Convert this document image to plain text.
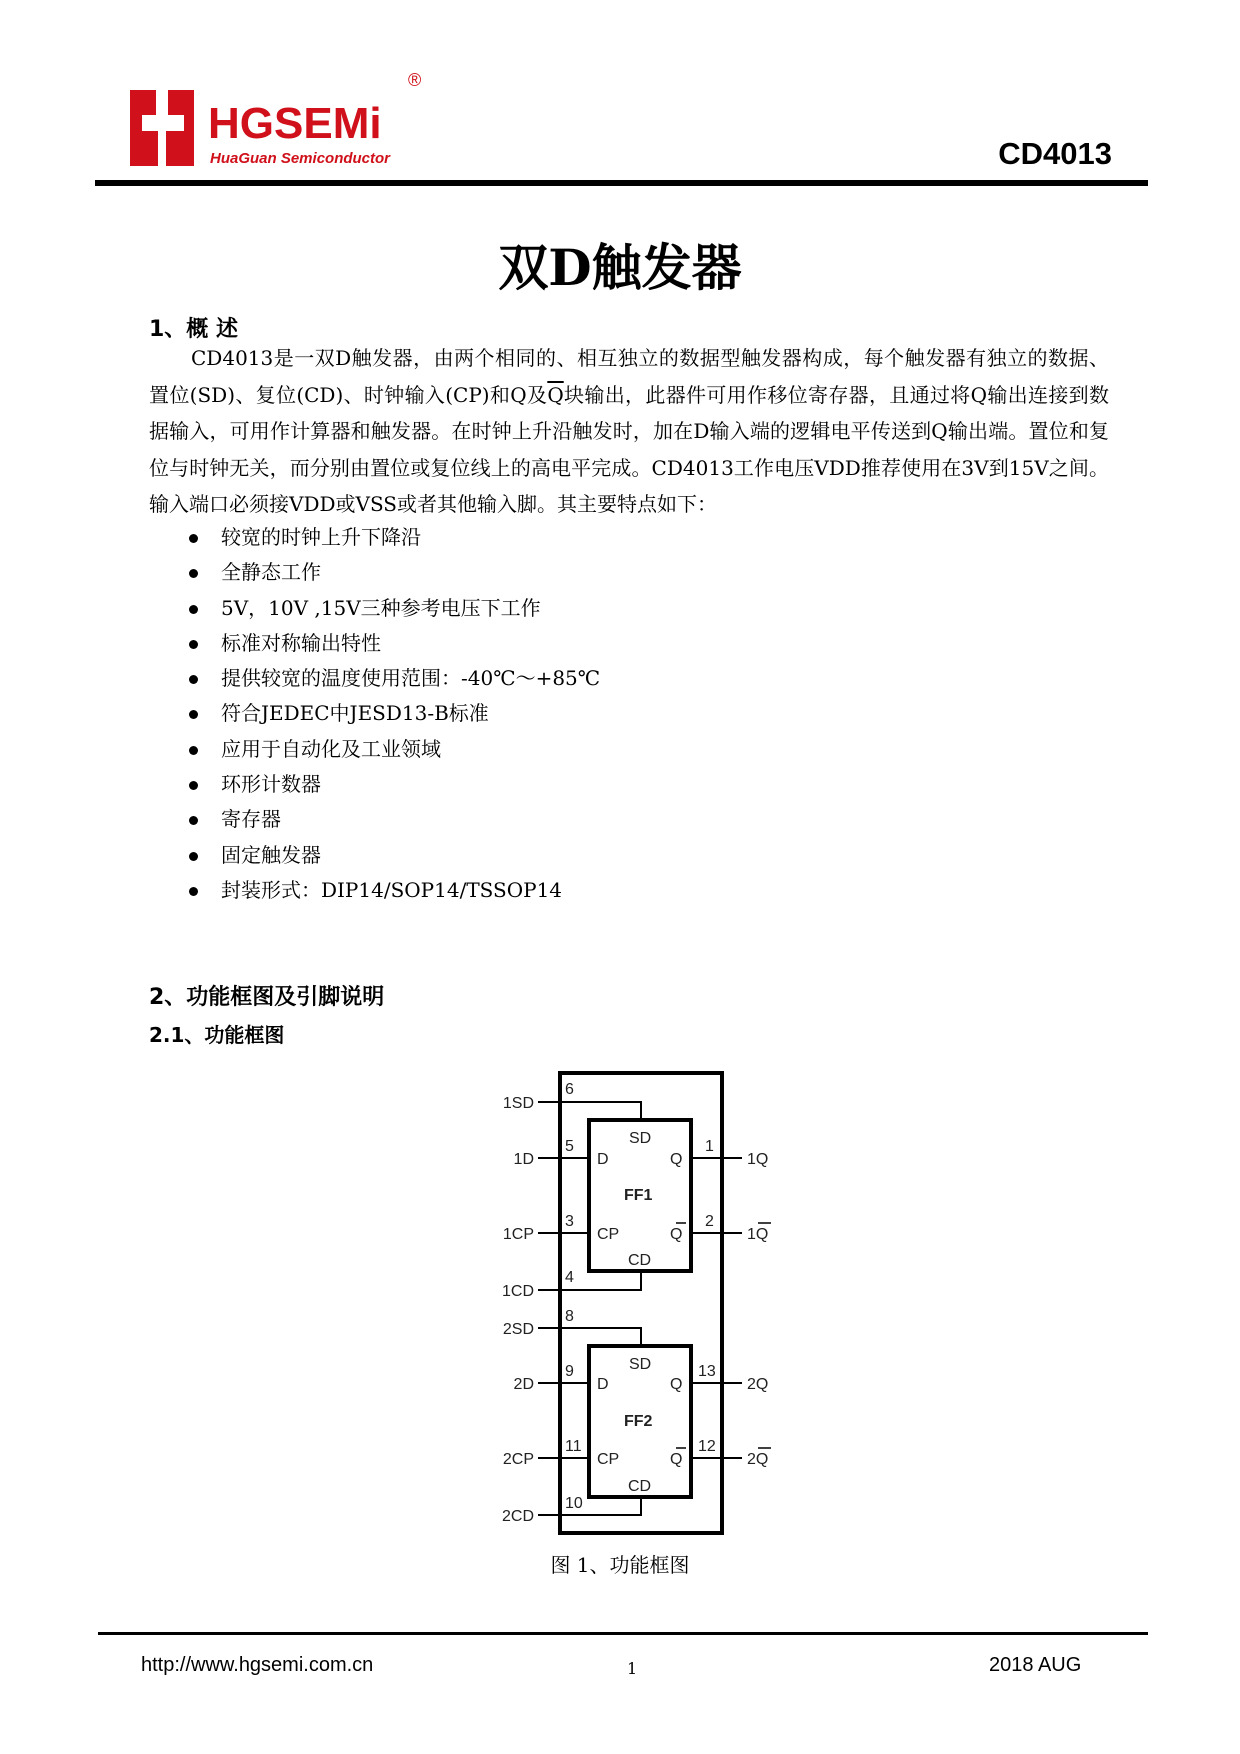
HGSEMi
HuaGuan Semiconductor
®
CD4013
双D触发器
1、概 述
CD4013是一双D触发器，由两个相同的、相互独立的数据型触发器构成，每个触发器有独立的数据、置位(SD)、复位(CD)、时钟输入(CP)和Q及$\overline{Q}$块输出，此器件可用作移位寄存器，且通过将Q输出连接到数据输入，可用作计算器和触发器。在时钟上升沿触发时，加在D输入端的逻辑电平传送到Q输出端。置位和复位与时钟无关，而分别由置位或复位线上的高电平完成。CD4013工作电压VDD推荐使用在3V到15V之间。输入端口必须接VDD或VSS或者其他输入脚。其主要特点如下：
较宽的时钟上升下降沿
全静态工作
5V，10V ,15V三种参考电压下工作
标准对称输出特性
提供较宽的温度使用范围：-40℃～+85℃
符合JEDEC中JESD13-B标准
应用于自动化及工业领域
环形计数器
寄存器
固定触发器
封装形式：DIP14/SOP14/TSSOP14
2、功能框图及引脚说明
2.1、功能框图
1SD
1D
1CP
1CD
2SD
2D
2CP
2CD
6
5
3
4
8
9
11
10
1
2
13
12
1Q
1Q
2Q
2Q
SD
D	Q
FF1
CP	Q
CD
SD
D	Q
FF2
CP	Q
CD
图 1、功能框图
http://www.hgsemi.com.cn	1	2018 AUG
